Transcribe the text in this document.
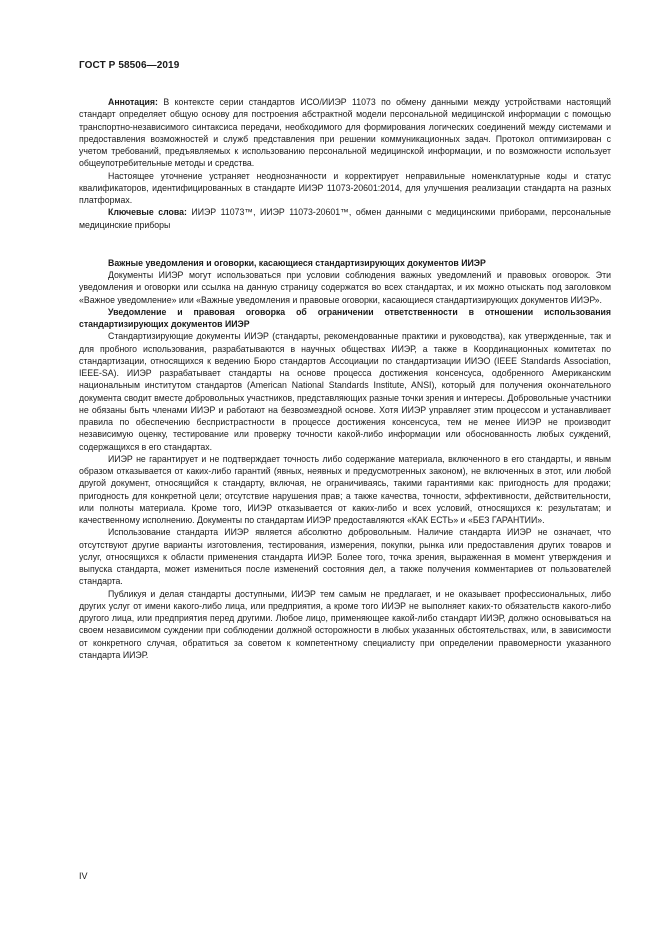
ГОСТ Р 58506—2019

Аннотация: В контексте серии стандартов ИСО/ИИЭР 11073 по обмену данными между устройствами настоящий стандарт определяет общую основу для построения абстрактной модели персональной медицинской информации с помощью транспортно-независимого синтаксиса передачи, необходимого для формирования логических соединений между системами и предоставления возможностей и служб представления при решении коммуникационных задач. Протокол оптимизирован с учетом требований, предъявляемых к использованию персональной медицинской информации, и по возможности использует общеупотребительные методы и средства.

Настоящее уточнение устраняет неоднозначности и корректирует неправильные номенклатурные коды и статус квалификаторов, идентифицированных в стандарте ИИЭР 11073-20601:2014, для улучшения реализации стандарта на разных платформах.

Ключевые слова: ИИЭР 11073™, ИИЭР 11073-20601™, обмен данными с медицинскими приборами, персональные медицинские приборы

Важные уведомления и оговорки, касающиеся стандартизирующих документов ИИЭР

Документы ИИЭР могут использоваться при условии соблюдения важных уведомлений и правовых оговорок. Эти уведомления и оговорки или ссылка на данную страницу содержатся во всех стандартах, и их можно отыскать под заголовком «Важное уведомление» или «Важные уведомления и правовые оговорки, касающиеся стандартизирующих документов ИИЭР».

Уведомление и правовая оговорка об ограничении ответственности в отношении использования стандартизирующих документов ИИЭР

Стандартизирующие документы ИИЭР (стандарты, рекомендованные практики и руководства), как утвержденные, так и для пробного использования, разрабатываются в научных обществах ИИЭР, а также в Координационных комитетах по стандартизации, относящихся к ведению Бюро стандартов Ассоциации по стандартизации ИИЭО (IEEE Standards Association, IEEE-SA). ИИЭР разрабатывает стандарты на основе процесса достижения консенсуса, одобренного Американским национальным институтом стандартов (American National Standards Institute, ANSI), который для получения окончательного документа сводит вместе добровольных участников, представляющих разные точки зрения и интересы. Добровольные участники не обязаны быть членами ИИЭР и работают на безвозмездной основе. Хотя ИИЭР управляет этим процессом и устанавливает правила по обеспечению беспристрастности в процессе достижения консенсуса, тем не менее ИИЭР не производит независимую оценку, тестирование или проверку точности какой-либо информации или обоснованность любых суждений, содержащихся в его стандартах.

ИИЭР не гарантирует и не подтверждает точность либо содержание материала, включенного в его стандарты, и явным образом отказывается от каких-либо гарантий (явных, неявных и предусмотренных законом), не включенных в этот, или любой другой документ, относящийся к стандарту, включая, не ограничиваясь, такими гарантиями как: пригодность для продажи; пригодность для конкретной цели; отсутствие нарушения прав; а также качества, точности, эффективности, действительности, или полноты материала. Кроме того, ИИЭР отказывается от каких-либо и всех условий, относящихся к: результатам; и качественному исполнению. Документы по стандартам ИИЭР предоставляются «КАК ЕСТЬ» и «БЕЗ ГАРАНТИИ».

Использование стандарта ИИЭР является абсолютно добровольным. Наличие стандарта ИИЭР не означает, что отсутствуют другие варианты изготовления, тестирования, измерения, покупки, рынка или предоставления других товаров и услуг, относящихся к области применения стандарта ИИЭР. Более того, точка зрения, выраженная в момент утверждения и выпуска стандарта, может измениться после изменений состояния дел, а также получения комментариев от пользователей стандарта.

Публикуя и делая стандарты доступными, ИИЭР тем самым не предлагает, и не оказывает профессиональных, либо других услуг от имени какого-либо лица, или предприятия, а кроме того ИИЭР не выполняет каких-то обязательств какого-либо другого лица, или предприятия перед другими. Любое лицо, применяющее какой-либо стандарт ИИЭР, должно основываться на своем независимом суждении при соблюдении должной осторожности в любых указанных обстоятельствах, или, в зависимости от конкретного случая, обратиться за советом к компетентному специалисту при определении правомерности указанного стандарта ИИЭР.

IV
